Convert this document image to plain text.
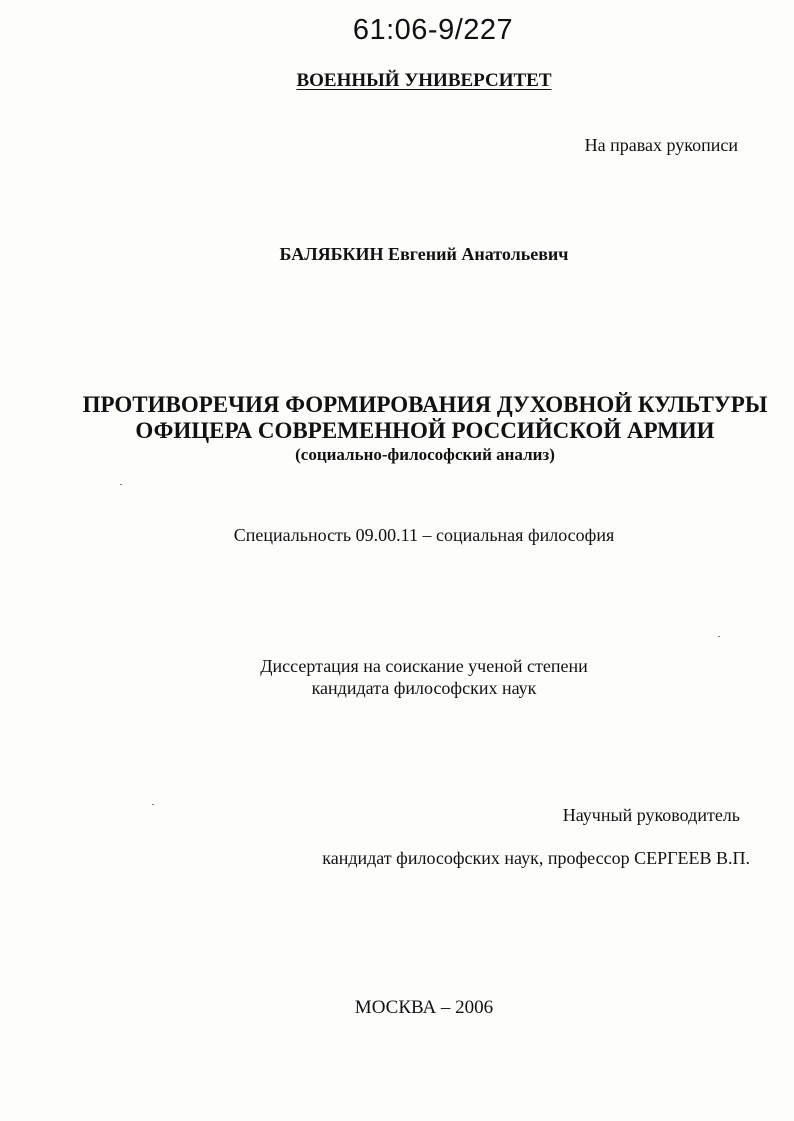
61:06-9/227
ВОЕННЫЙ УНИВЕРСИТЕТ
На правах рукописи
БАЛЯБКИН Евгений Анатольевич
ПРОТИВОРЕЧИЯ ФОРМИРОВАНИЯ ДУХОВНОЙ КУЛЬТУРЫ
ОФИЦЕРА СОВРЕМЕННОЙ РОССИЙСКОЙ АРМИИ
(социально-философский анализ)
Специальность 09.00.11 – социальная философия
Диссертация на соискание ученой степени
кандидата философских наук
Научный руководитель
кандидат философских наук, профессор СЕРГЕЕВ В.П.
МОСКВА – 2006
